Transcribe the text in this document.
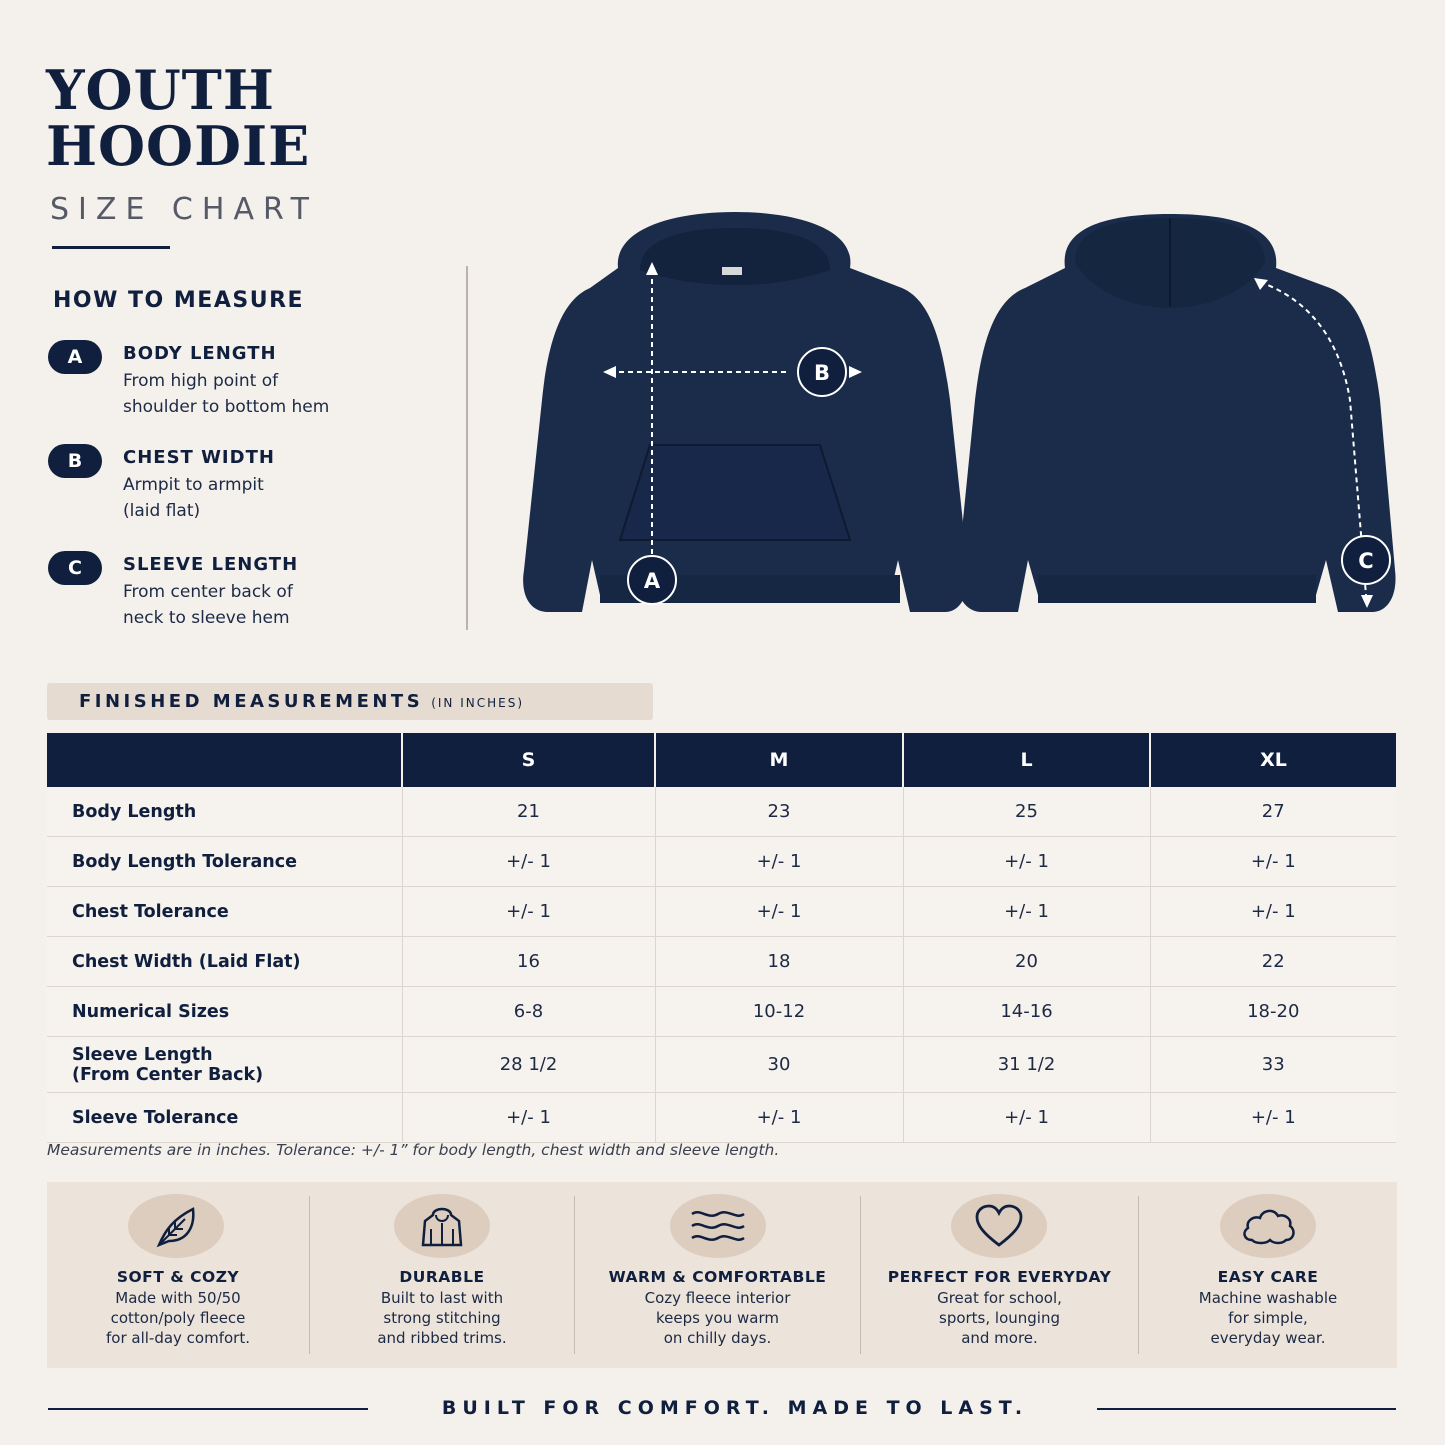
YOUTH
HOODIE
SIZE CHART
HOW TO MEASURE
A	BODY LENGTH
From high point of
shoulder to bottom hem
B	CHEST WIDTH
Armpit to armpit
(laid flat)
C	SLEEVE LENGTH
From center back of
neck to sleeve hem
B
A
C
FINISHED MEASUREMENTS (IN INCHES)
	S	M	L	XL
Body Length	21	23	25	27
Body Length Tolerance	+/- 1	+/- 1	+/- 1	+/- 1
Chest Tolerance	+/- 1	+/- 1	+/- 1	+/- 1
Chest Width (Laid Flat)	16	18	20	22
Numerical Sizes	6-8	10-12	14-16	18-20
Sleeve Length
(From Center Back)	28 1/2	30	31 1/2	33
Sleeve Tolerance	+/- 1	+/- 1	+/- 1	+/- 1
Measurements are in inches. Tolerance: +/- 1” for body length, chest width and sleeve length.
SOFT & COZY
Made with 50/50
cotton/poly fleece
for all-day comfort.
DURABLE
Built to last with
strong stitching
and ribbed trims.
WARM & COMFORTABLE
Cozy fleece interior
keeps you warm
on chilly days.
PERFECT FOR EVERYDAY
Great for school,
sports, lounging
and more.
EASY CARE
Machine washable
for simple,
everyday wear.
BUILT FOR COMFORT. MADE TO LAST.
